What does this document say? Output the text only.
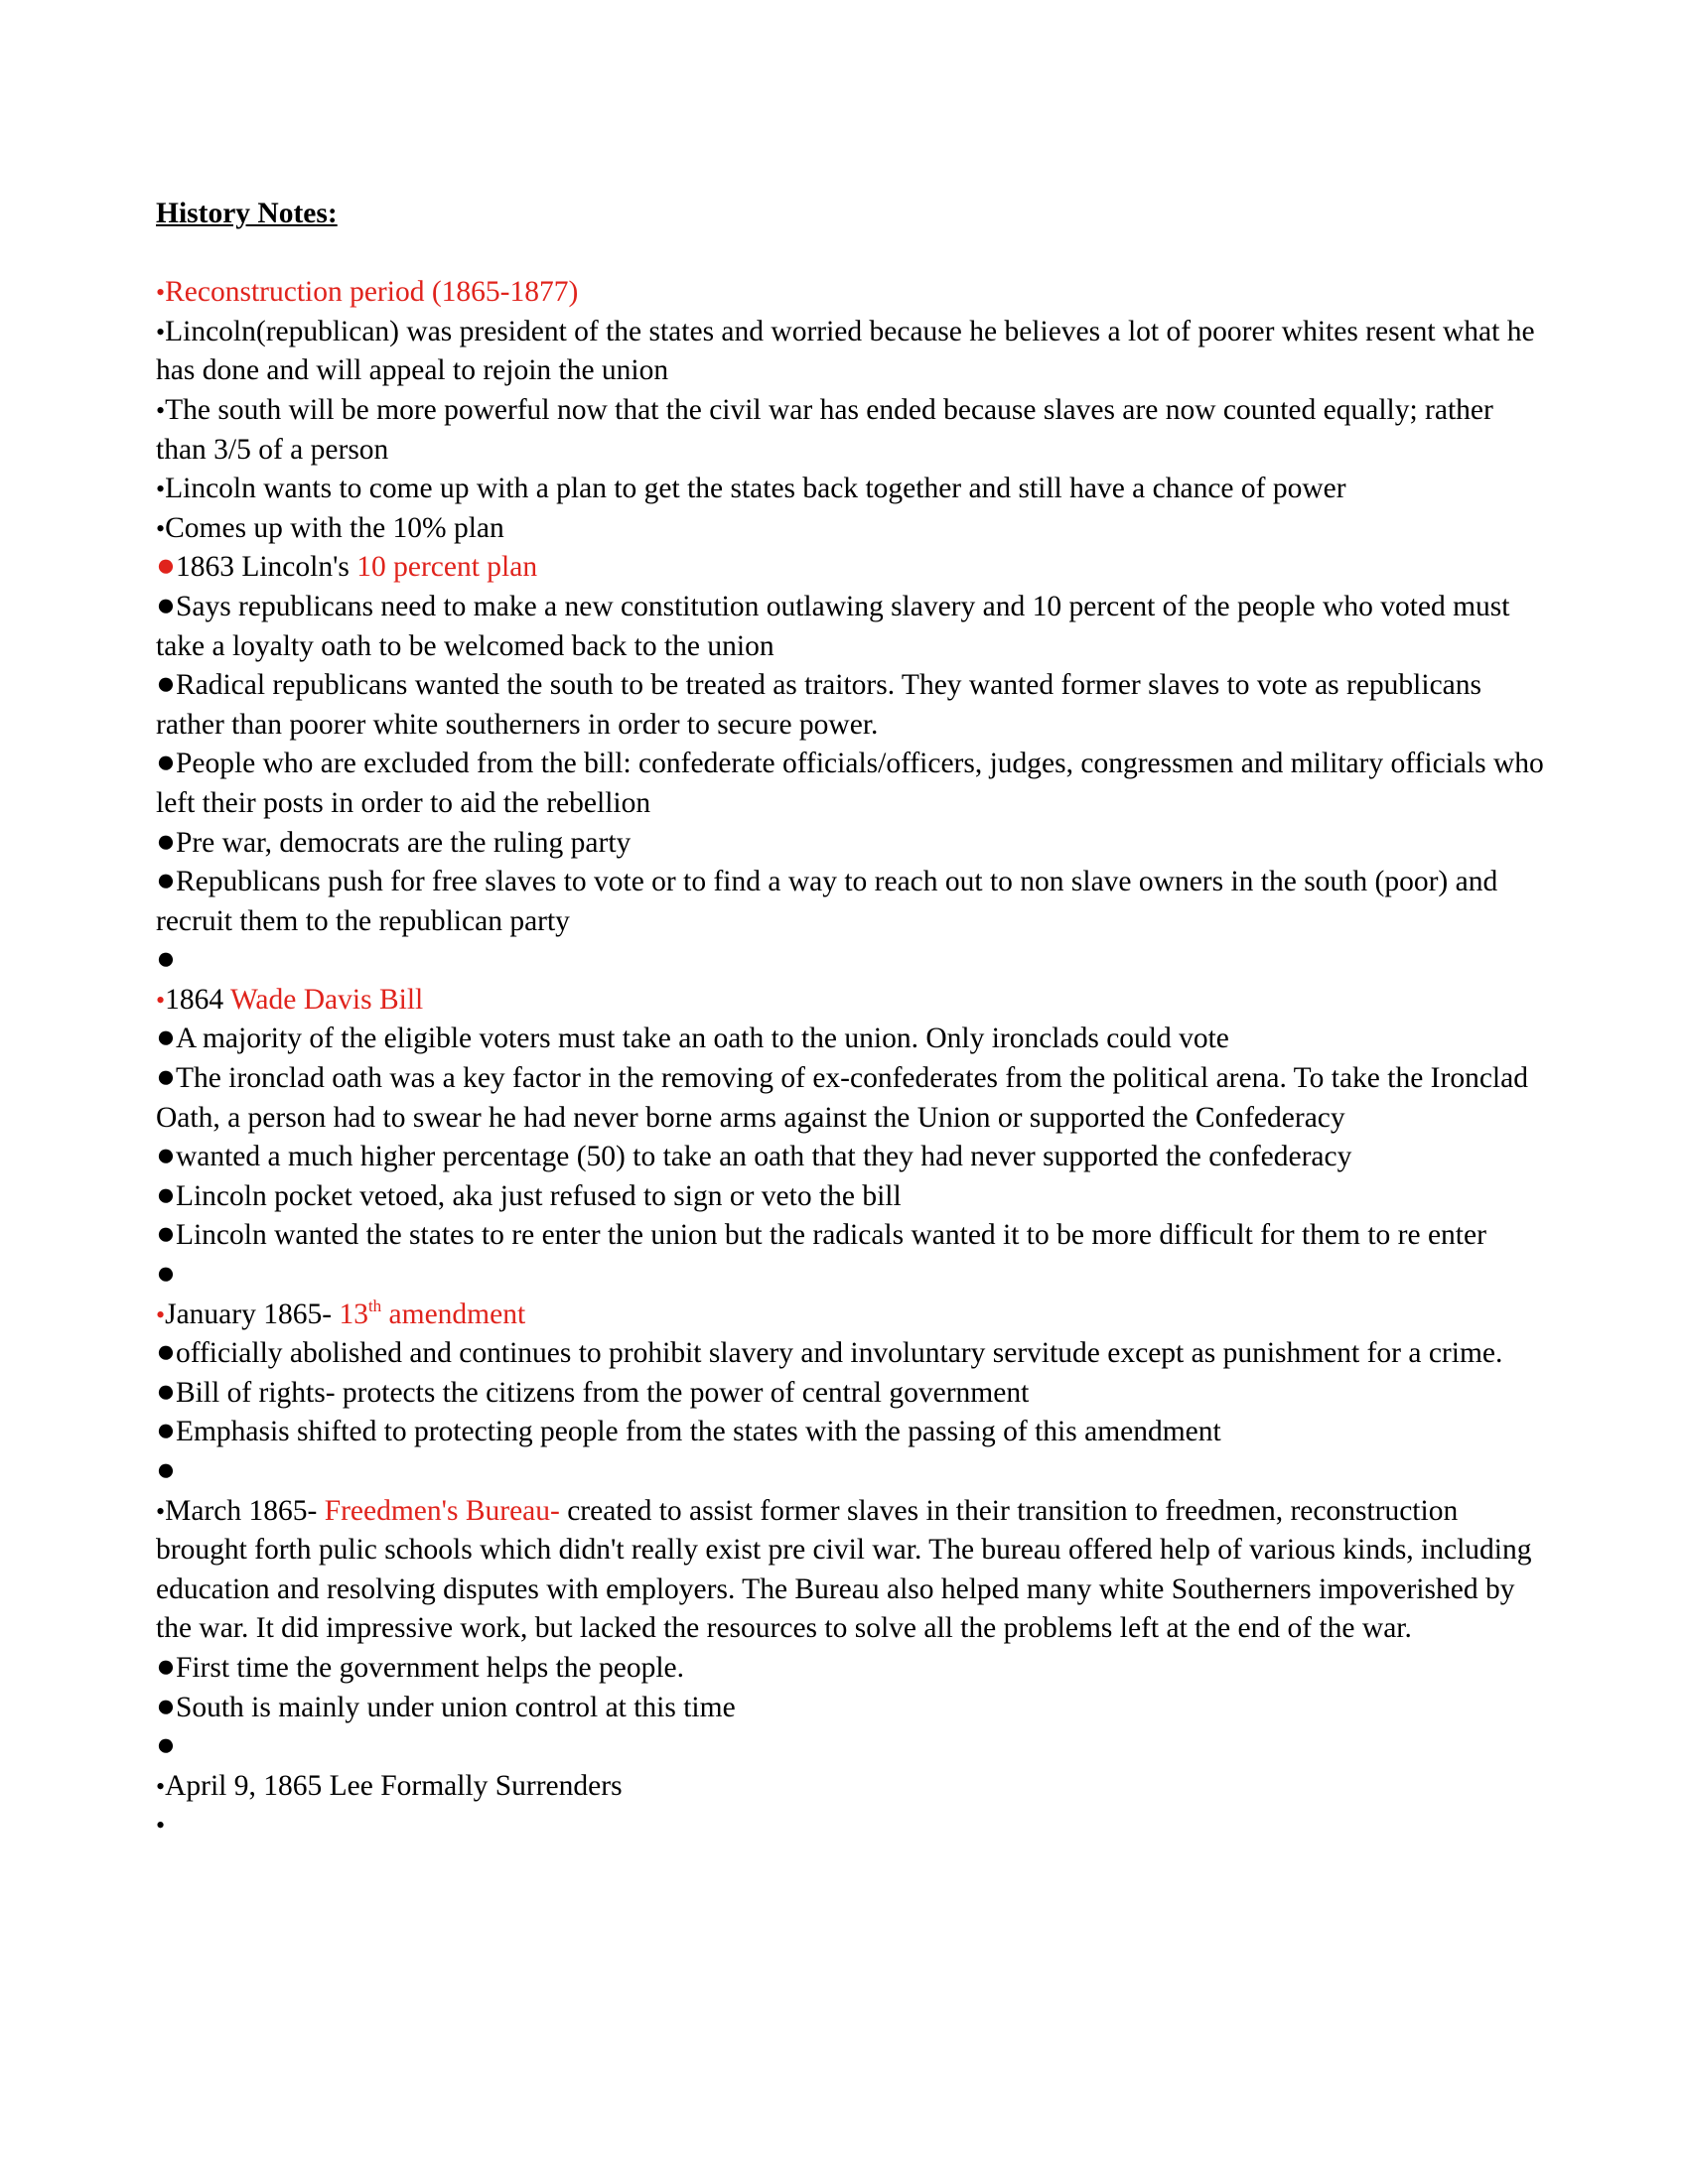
History Notes:
•Reconstruction period (1865-1877)
•Lincoln(republican) was president of the states and worried because he believes a lot of poorer whites resent what he has done and will appeal to rejoin the union
•The south will be more powerful now that the civil war has ended because slaves are now counted equally; rather than 3/5 of a person
•Lincoln wants to come up with a plan to get the states back together and still have a chance of power
•Comes up with the 10% plan
●1863 Lincoln's 10 percent plan
●Says republicans need to make a new constitution outlawing slavery and 10 percent of the people who voted must take a loyalty oath to be welcomed back to the union
●Radical republicans wanted the south to be treated as traitors. They wanted former slaves to vote as republicans rather than poorer white southerners in order to secure power.
●People who are excluded from the bill: confederate officials/officers, judges, congressmen and military officials who left their posts in order to aid the rebellion
●Pre war, democrats are the ruling party
●Republicans push for free slaves to vote or to find a way to reach out to non slave owners in the south (poor) and recruit them to the republican party
●
•1864 Wade Davis Bill
●A majority of the eligible voters must take an oath to the union. Only ironclads could vote
●The ironclad oath was a key factor in the removing of ex-confederates from the political arena. To take the Ironclad Oath, a person had to swear he had never borne arms against the Union or supported the Confederacy
●wanted a much higher percentage (50) to take an oath that they had never supported the confederacy
●Lincoln pocket vetoed, aka just refused to sign or veto the bill
●Lincoln wanted the states to re enter the union but the radicals wanted it to be more difficult for them to re enter
●
•January 1865- 13th amendment
●officially abolished and continues to prohibit slavery and involuntary servitude except as punishment for a crime.
●Bill of rights- protects the citizens from the power of central government
●Emphasis shifted to protecting people from the states with the passing of this amendment
●
•March 1865- Freedmen's Bureau- created to assist former slaves in their transition to freedmen, reconstruction brought forth pulic schools which didn't really exist pre civil war. The bureau offered help of various kinds, including education and resolving disputes with employers. The Bureau also helped many white Southerners impoverished by the war. It did impressive work, but lacked the resources to solve all the problems left at the end of the war.
●First time the government helps the people.
●South is mainly under union control at this time
●
•April 9, 1865 Lee Formally Surrenders
•
